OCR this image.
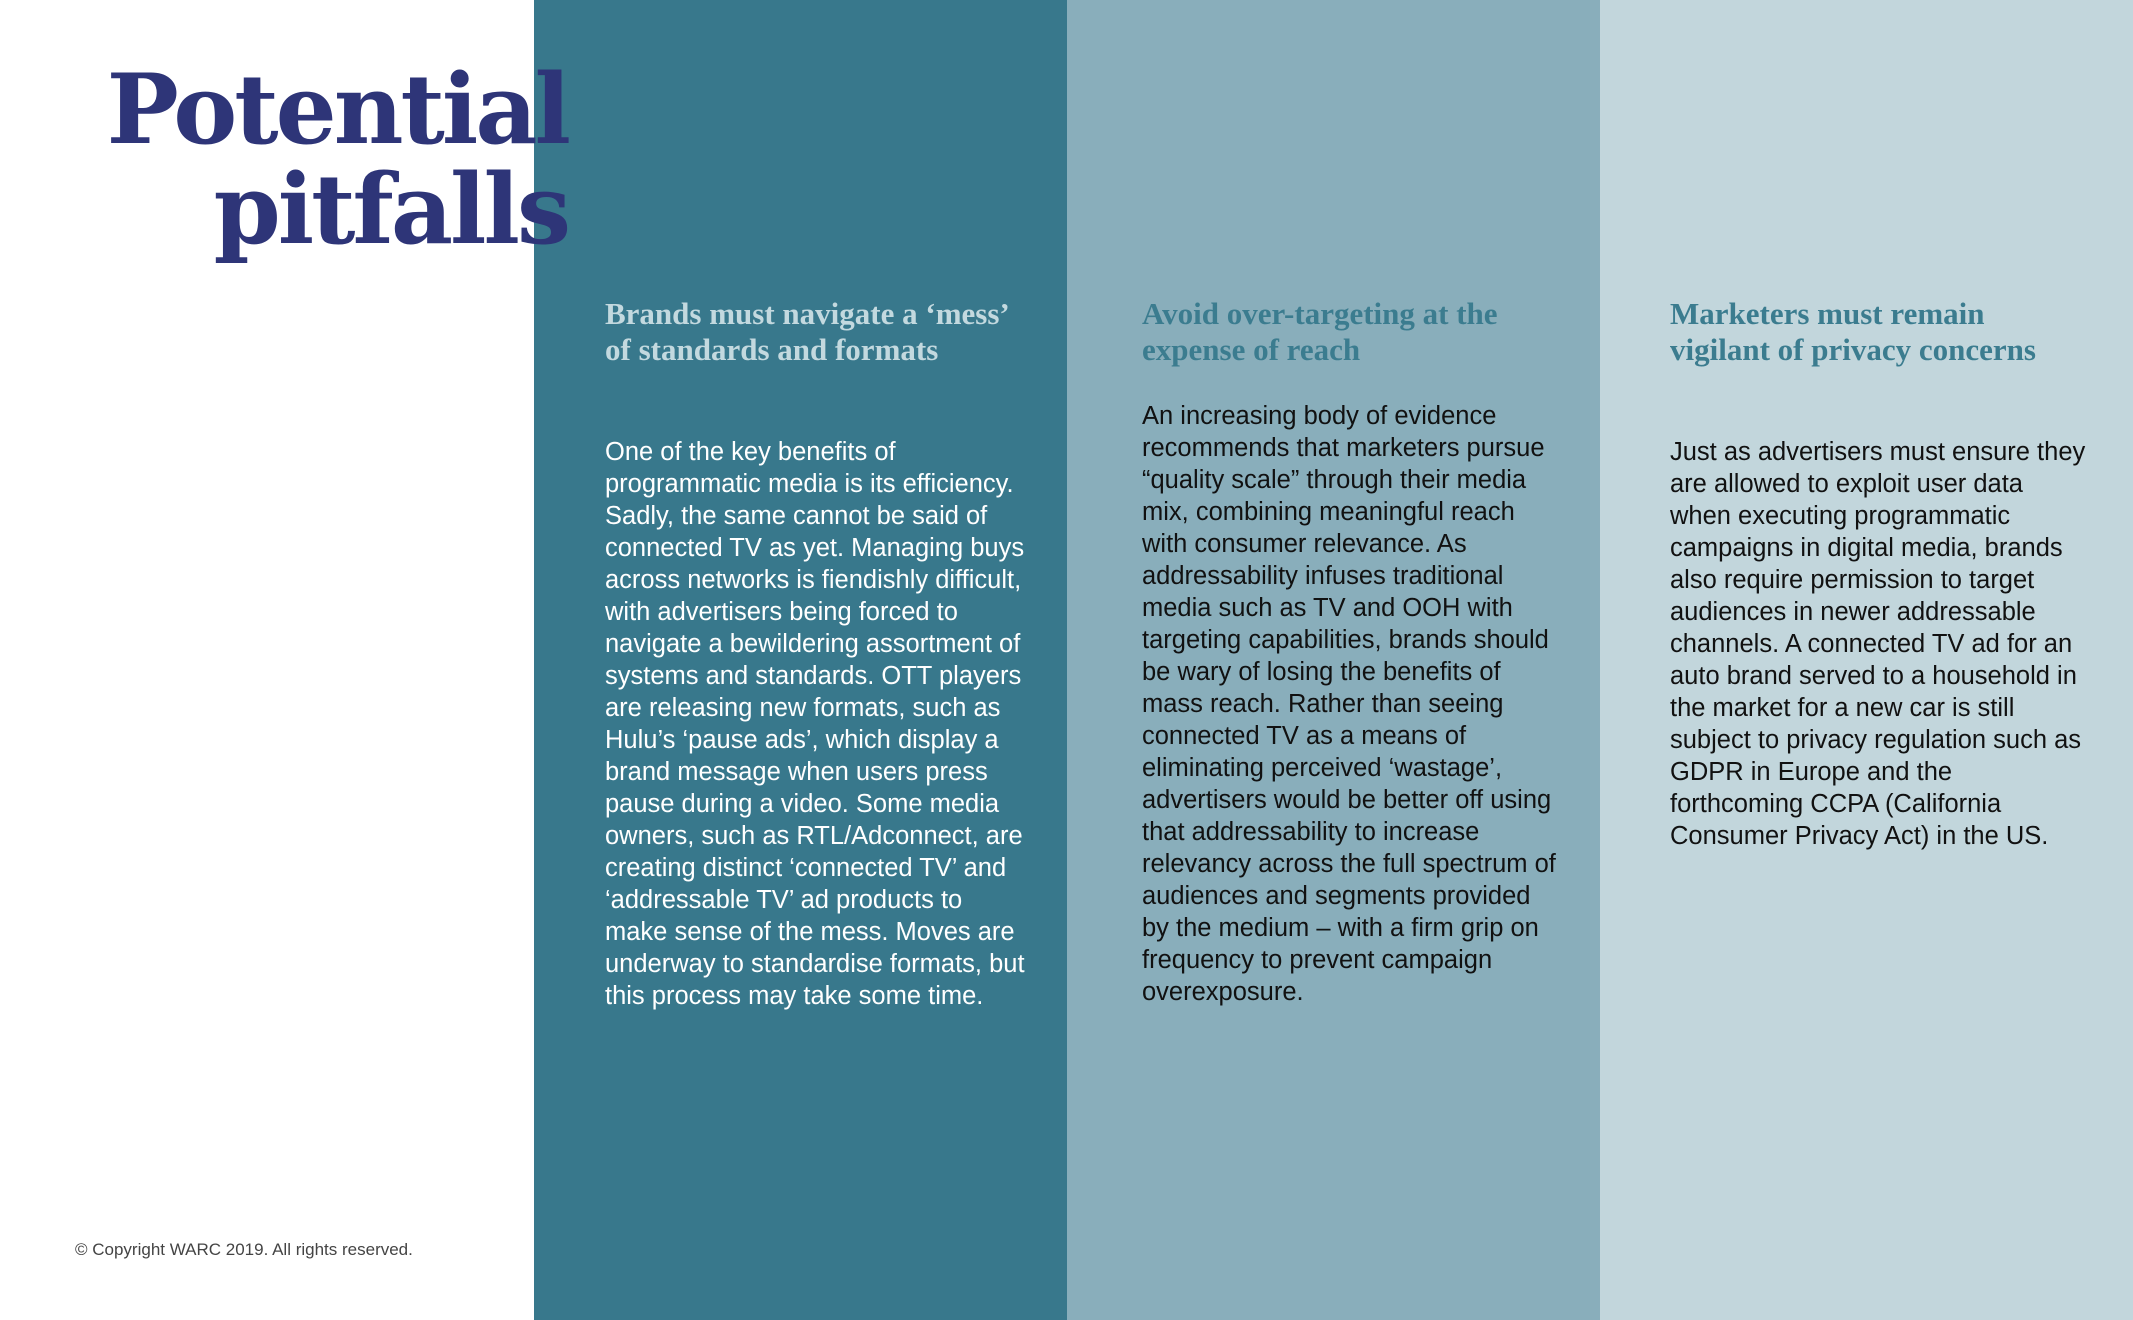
Potential
pitfalls
Brands must navigate a ‘mess’ of standards and formats

One of the key benefits of programmatic media is its efficiency. Sadly, the same cannot be said of connected TV as yet. Managing buys across networks is fiendishly difficult, with advertisers being forced to navigate a bewildering assortment of systems and standards. OTT players are releasing new formats, such as Hulu’s ‘pause ads’, which display a brand message when users press pause during a video. Some media owners, such as RTL/Adconnect, are creating distinct ‘connected TV’ and ‘addressable TV’ ad products to make sense of the mess. Moves are underway to standardise formats, but this process may take some time.

Avoid over-targeting at the expense of reach

An increasing body of evidence recommends that marketers pursue “quality scale” through their media mix, combining meaningful reach with consumer relevance. As addressability infuses traditional media such as TV and OOH with targeting capabilities, brands should be wary of losing the benefits of mass reach. Rather than seeing connected TV as a means of eliminating perceived ‘wastage’, advertisers would be better off using that addressability to increase relevancy across the full spectrum of audiences and segments provided by the medium – with a firm grip on frequency to prevent campaign overexposure.

Marketers must remain vigilant of privacy concerns

Just as advertisers must ensure they are allowed to exploit user data when executing programmatic campaigns in digital media, brands also require permission to target audiences in newer addressable channels. A connected TV ad for an auto brand served to a household in the market for a new car is still subject to privacy regulation such as GDPR in Europe and the forthcoming CCPA (California Consumer Privacy Act) in the US.

© Copyright WARC 2019. All rights reserved.
